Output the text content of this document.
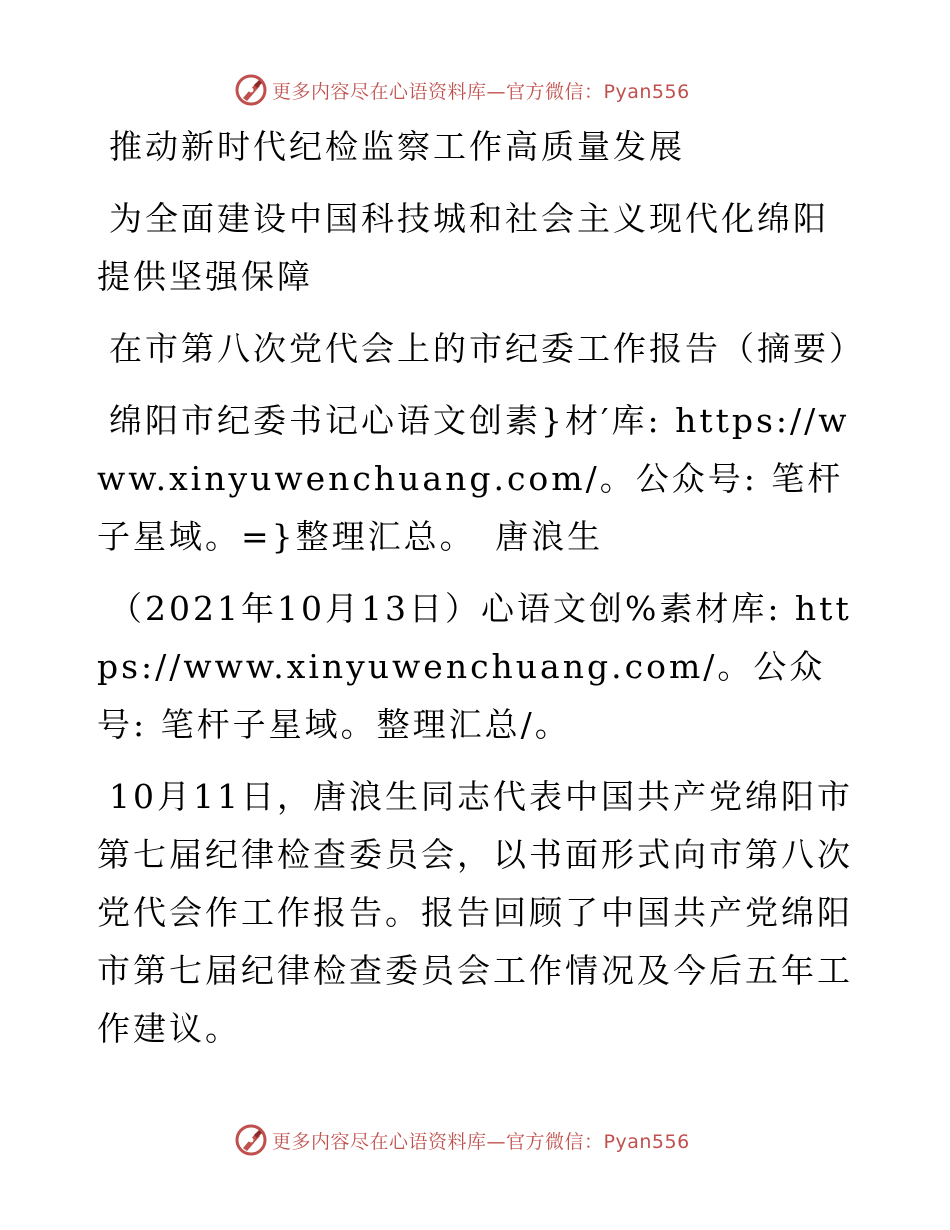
更多内容尽在心语资料库—官方微信：Pyan556

推动新时代纪检监察工作高质量发展

为全面建设中国科技城和社会主义现代化绵阳提供坚强保障

在市第八次党代会上的市纪委工作报告（摘要）

绵阳市纪委书记心语文创素}材′库: https://www.xinyuwenchuang.com/。公众号: 笔杆子星域。=}整理汇总。　唐浪生

（2021年10月13日）心语文创%素材库: https://www.xinyuwenchuang.com/。公众号: 笔杆子星域。整理汇总/。

10月11日，唐浪生同志代表中国共产党绵阳市第七届纪律检查委员会，以书面形式向市第八次党代会作工作报告。报告回顾了中国共产党绵阳市第七届纪律检查委员会工作情况及今后五年工作建议。

更多内容尽在心语资料库—官方微信：Pyan556
